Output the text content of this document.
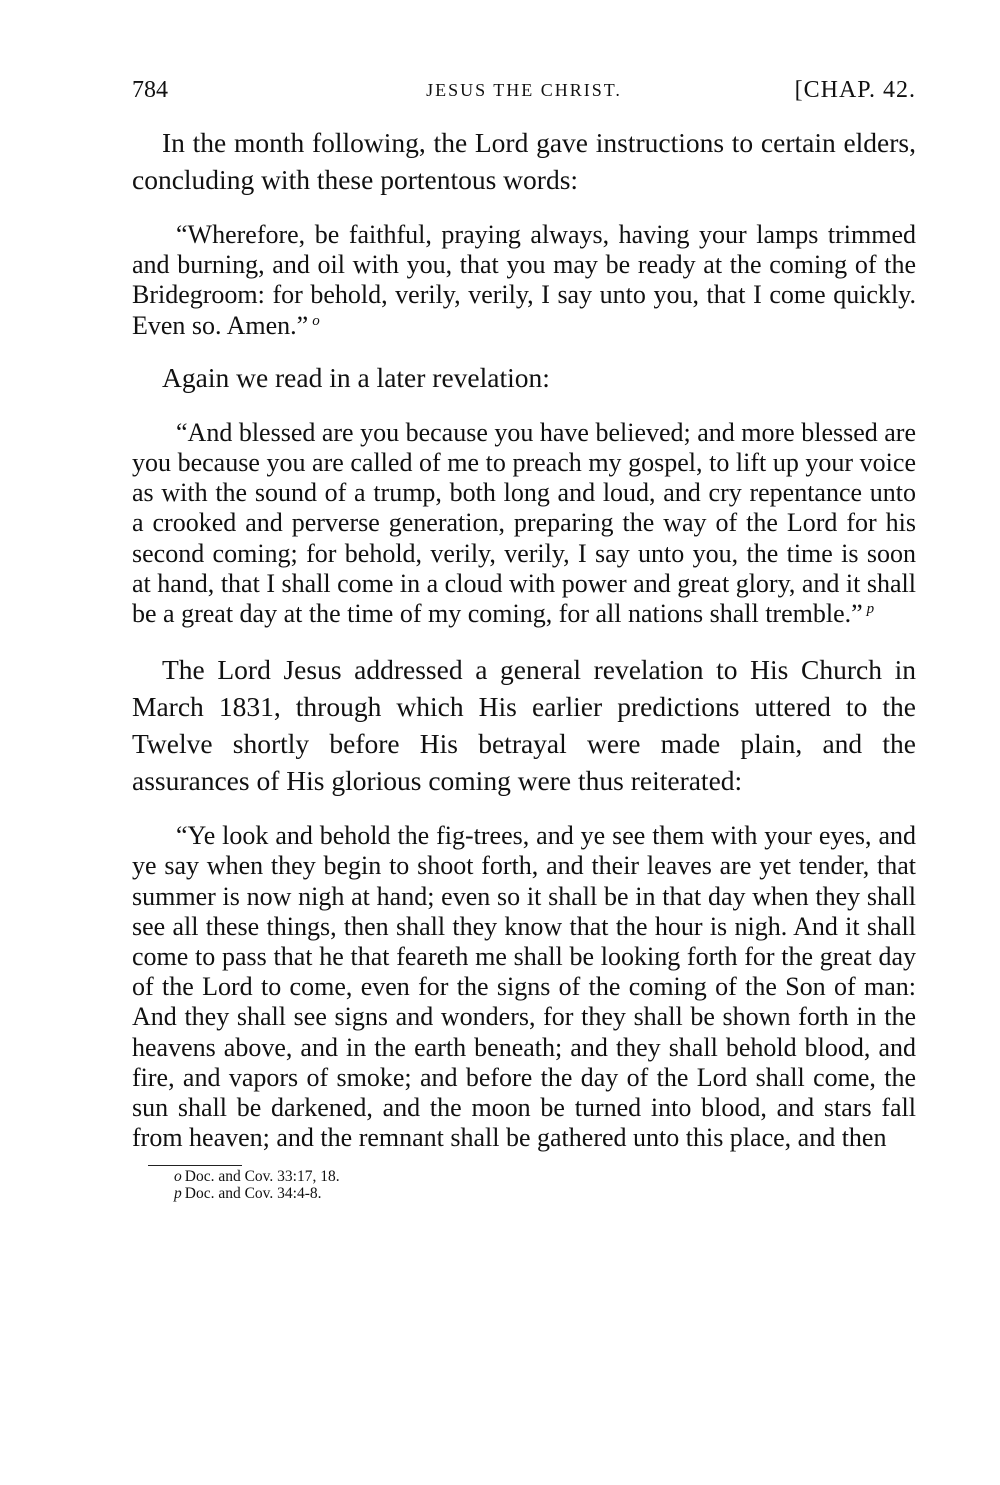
784	JESUS THE CHRIST.	[CHAP. 42.

In the month following, the Lord gave instructions to certain elders, concluding with these portentous words:

“Wherefore, be faithful, praying always, having your lamps trimmed and burning, and oil with you, that you may be ready at the coming of the Bridegroom: for behold, verily, verily, I say unto you, that I come quickly. Even so. Amen.” $^o$

Again we read in a later revelation:

“And blessed are you because you have believed; and more blessed are you because you are called of me to preach my gospel, to lift up your voice as with the sound of a trump, both long and loud, and cry repentance unto a crooked and perverse generation, preparing the way of the Lord for his second coming; for behold, verily, verily, I say unto you, the time is soon at hand, that I shall come in a cloud with power and great glory, and it shall be a great day at the time of my coming, for all nations shall tremble.” $^p$

The Lord Jesus addressed a general revelation to His Church in March 1831, through which His earlier predictions uttered to the Twelve shortly before His betrayal were made plain, and the assurances of His glorious coming were thus reiterated:

“Ye look and behold the fig-trees, and ye see them with your eyes, and ye say when they begin to shoot forth, and their leaves are yet tender, that summer is now nigh at hand; even so it shall be in that day when they shall see all these things, then shall they know that the hour is nigh. And it shall come to pass that he that feareth me shall be looking forth for the great day of the Lord to come, even for the signs of the coming of the Son of man: And they shall see signs and wonders, for they shall be shown forth in the heavens above, and in the earth beneath; and they shall behold blood, and fire, and vapors of smoke; and before the day of the Lord shall come, the sun shall be darkened, and the moon be turned into blood, and stars fall from heaven; and the remnant shall be gathered unto this place, and then

o Doc. and Cov. 33:17, 18.
p Doc. and Cov. 34:4-8.
